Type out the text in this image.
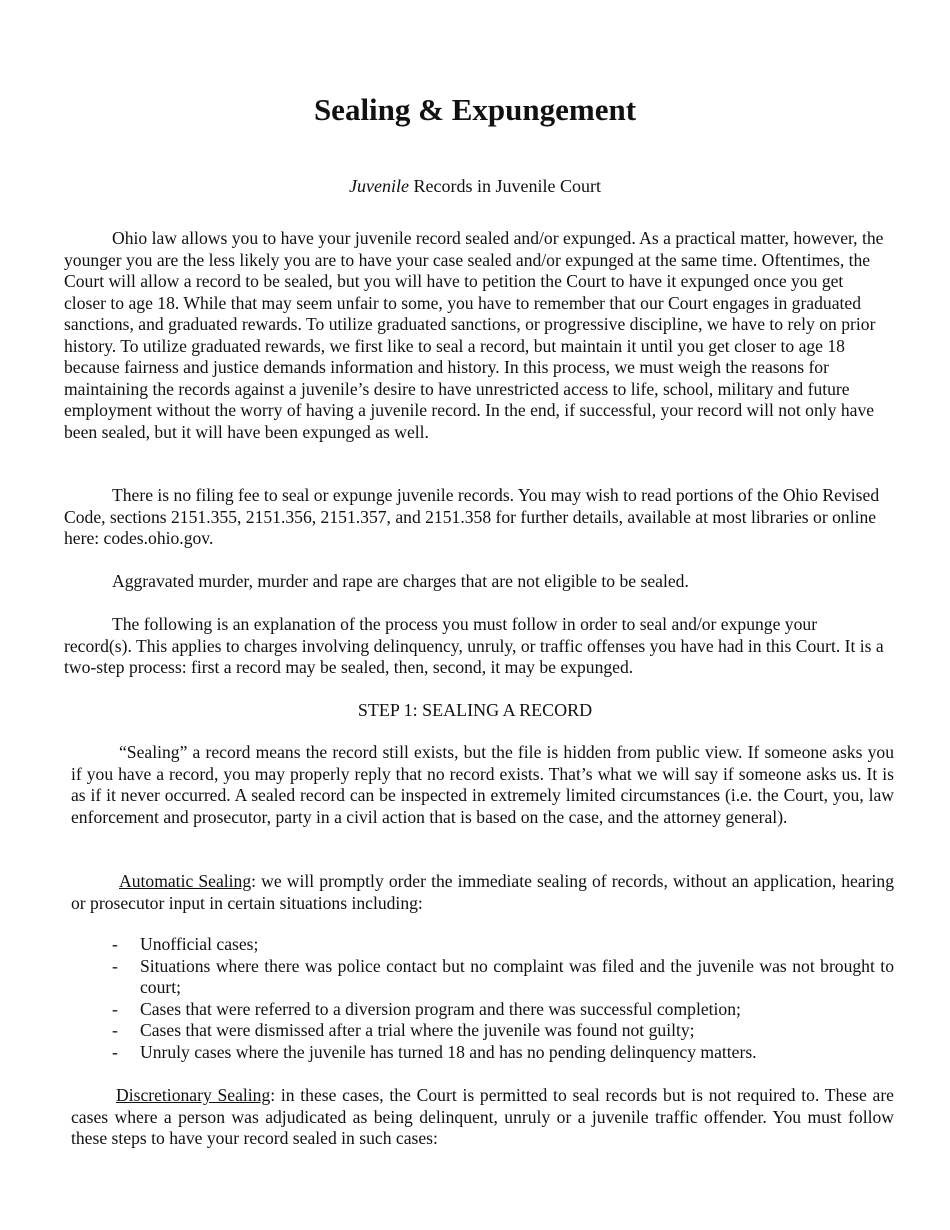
Sealing & Expungement
Juvenile Records in Juvenile Court
Ohio law allows you to have your juvenile record sealed and/or expunged. As a practical matter, however, the younger you are the less likely you are to have your case sealed and/or expunged at the same time. Oftentimes, the Court will allow a record to be sealed, but you will have to petition the Court to have it expunged once you get closer to age 18. While that may seem unfair to some, you have to remember that our Court engages in graduated sanctions, and graduated rewards. To utilize graduated sanctions, or progressive discipline, we have to rely on prior history. To utilize graduated rewards, we first like to seal a record, but maintain it until you get closer to age 18 because fairness and justice demands information and history. In this process, we must weigh the reasons for maintaining the records against a juvenile’s desire to have unrestricted access to life, school, military and future employment without the worry of having a juvenile record. In the end, if successful, your record will not only have been sealed, but it will have been expunged as well.
There is no filing fee to seal or expunge juvenile records. You may wish to read portions of the Ohio Revised Code, sections 2151.355, 2151.356, 2151.357, and 2151.358 for further details, available at most libraries or online here: codes.ohio.gov.
Aggravated murder, murder and rape are charges that are not eligible to be sealed.
The following is an explanation of the process you must follow in order to seal and/or expunge your record(s). This applies to charges involving delinquency, unruly, or traffic offenses you have had in this Court. It is a two-step process: first a record may be sealed, then, second, it may be expunged.
STEP 1: SEALING A RECORD
“Sealing” a record means the record still exists, but the file is hidden from public view. If someone asks you if you have a record, you may properly reply that no record exists. That’s what we will say if someone asks us. It is as if it never occurred. A sealed record can be inspected in extremely limited circumstances (i.e. the Court, you, law enforcement and prosecutor, party in a civil action that is based on the case, and the attorney general).
Automatic Sealing: we will promptly order the immediate sealing of records, without an application, hearing or prosecutor input in certain situations including:
- Unofficial cases;
- Situations where there was police contact but no complaint was filed and the juvenile was not brought to court;
- Cases that were referred to a diversion program and there was successful completion;
- Cases that were dismissed after a trial where the juvenile was found not guilty;
- Unruly cases where the juvenile has turned 18 and has no pending delinquency matters.
Discretionary Sealing: in these cases, the Court is permitted to seal records but is not required to. These are cases where a person was adjudicated as being delinquent, unruly or a juvenile traffic offender. You must follow these steps to have your record sealed in such cases:
